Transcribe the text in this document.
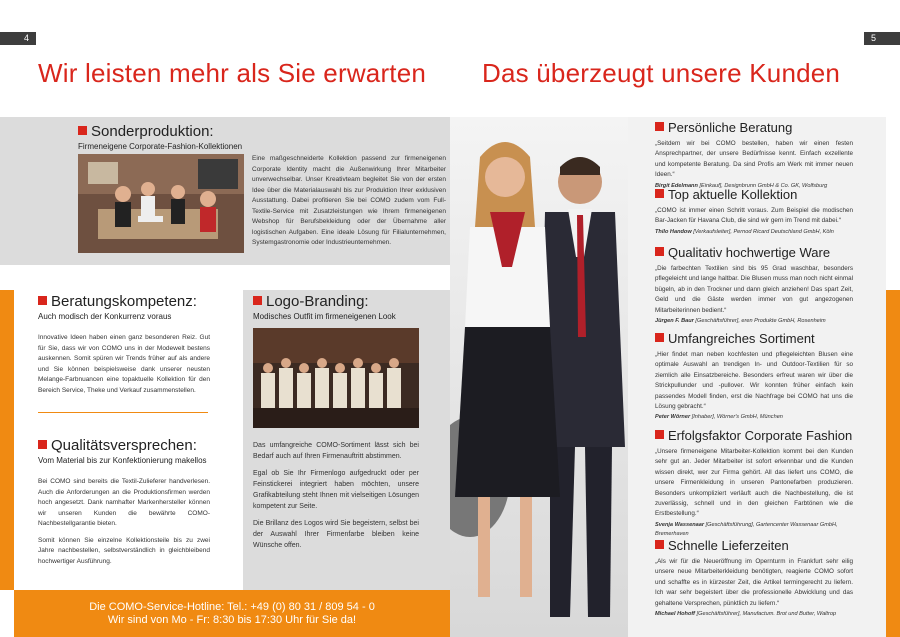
4	5
Wir leisten mehr als Sie erwarten Das überzeugt unsere Kunden
Sonderproduktion:
Firmeneigene Corporate-Fashion-Kollektionen
Eine maßgeschneiderte Kollektion passend zur firmeneigenen Corporate Identity macht die Außenwirkung Ihrer Mitarbeiter unverwechselbar. Unser Kreativteam begleitet Sie von der ersten Idee über die Materialauswahl bis zur Produktion Ihrer exklusiven Ausstattung. Dabei profitieren Sie bei COMO zudem vom Full-Textile-Service mit Zusatzleistungen wie Ihrem firmeneigenen Webshop für Berufsbekleidung oder der Übernahme aller logistischen Aufgaben. Eine ideale Lösung für Filialunternehmen, Systemgastronomie oder Industrieunternehmen.
Beratungskompetenz:
Auch modisch der Konkurrenz voraus
Innovative Ideen haben einen ganz besonderen Reiz. Gut für Sie, dass wir von COMO uns in der Modewelt bestens auskennen. Somit spüren wir Trends früher auf als andere und Sie können beispielsweise dank unserer neusten Melange-Farbnuancen eine topaktuelle Kollektion für den Bereich Service, Theke und Verkauf zusammenstellen.
Qualitätsversprechen:
Vom Material bis zur Konfektionierung makellos

Bei COMO sind bereits die Textil-Zulieferer handverlesen. Auch die Anforderungen an die Produktionsfirmen werden hoch angesetzt. Dank namhafter Markenhersteller können wir unseren Kunden die bewährte COMO-Nachbestellgarantie bieten.

Somit können Sie einzelne Kollektionsteile bis zu zwei Jahre nachbestellen, selbstverständlich in gleichbleibend hochwertiger Ausführung.

Logo-Branding:
Modisches Outfit im firmeneigenen Look

Das umfangreiche COMO-Sortiment lässt sich bei Bedarf auch auf Ihren Firmenauftritt abstimmen.

Egal ob Sie Ihr Firmenlogo aufgedruckt oder per Feinstickerei integriert haben möchten, unsere Grafikabteilung steht Ihnen mit vielseitigen Lösungen kompetent zur Seite.

Die Brillanz des Logos wird Sie begeistern, selbst bei der Auswahl Ihrer Firmenfarbe bleiben keine Wünsche offen.

Die COMO-Service-Hotline: Tel.: +49 (0) 80 31 / 809 54 - 0
Wir sind von Mo - Fr: 8:30 bis 17:30 Uhr für Sie da!
Persönliche Beratung
„Seitdem wir bei COMO bestellen, haben wir einen festen Ansprechpartner, der unsere Bedürfnisse kennt. Einfach exzellente und kompetente Beratung. Da sind Profis am Werk mit immer neuen Ideen.“
Birgit Edelmann [Einkauf], Designbrunn GmbH & Co. GK, Wolfsburg
Top aktuelle Kollektion
„COMO ist immer einen Schritt voraus. Zum Beispiel die modischen Bar-Jacken für Havana Club, die sind wir gern im Trend mit dabei.“
Thilo Handow [Verkaufsleiter], Pernod Ricard Deutschland GmbH, Köln
Qualitativ hochwertige Ware
„Die farbechten Textilien sind bis 95 Grad waschbar, besonders pflegeleicht und lange haltbar. Die Blusen muss man noch nicht einmal bügeln, ab in den Trockner und dann gleich anziehen! Das spart Zeit, Geld und die Gäste werden immer von gut angezogenen Mitarbeiterinnen bedient.“
Jürgen F. Baur [Geschäftsführer], eren Produkte GmbH, Rosenheim
Umfangreiches Sortiment
„Hier findet man neben kochfesten und pflegeleichten Blusen eine optimale Auswahl an trendigen In- und Outdoor-Textilien für so ziemlich alle Einsatzbereiche. Besonders erfreut waren wir über die Strickpullunder und -pullover. Wir konnten früher einfach kein passendes Modell finden, erst die Nachfrage bei COMO hat uns die Lösung gebracht.“
Peter Wörner [Inhaber], Wörner's GmbH, München
Erfolgsfaktor Corporate Fashion
„Unsere firmeneigene Mitarbeiter-Kollektion kommt bei den Kunden sehr gut an. Jeder Mitarbeiter ist sofort erkennbar und die Kunden wissen direkt, wer zur Firma gehört. All das liefert uns COMO, die unsere Firmenkleidung in unseren Pantonefarben produzieren. Besonders unkompliziert verläuft auch die Nachbestellung, die ist zuverlässig, schnell und in den gleichen Farbtönen wie die Erstbestellung.“
Svenja Wassenaar [Geschäftsführung], Gartencenter Wassenaar GmbH, Bremerhaven
Schnelle Lieferzeiten
„Als wir für die Neueröffnung im Opernturm in Frankfurt sehr eilig unsere neue Mitarbeiterkleidung benötigten, reagierte COMO sofort und schaffte es in kürzester Zeit, die Artikel termingerecht zu liefern. Ich war sehr begeistert über die professionelle Abwicklung und das gehaltene Versprechen, pünktlich zu liefern.“
Michael Hohoff [Geschäftsführer], Manufactum. Brot und Butter, Waltrop
